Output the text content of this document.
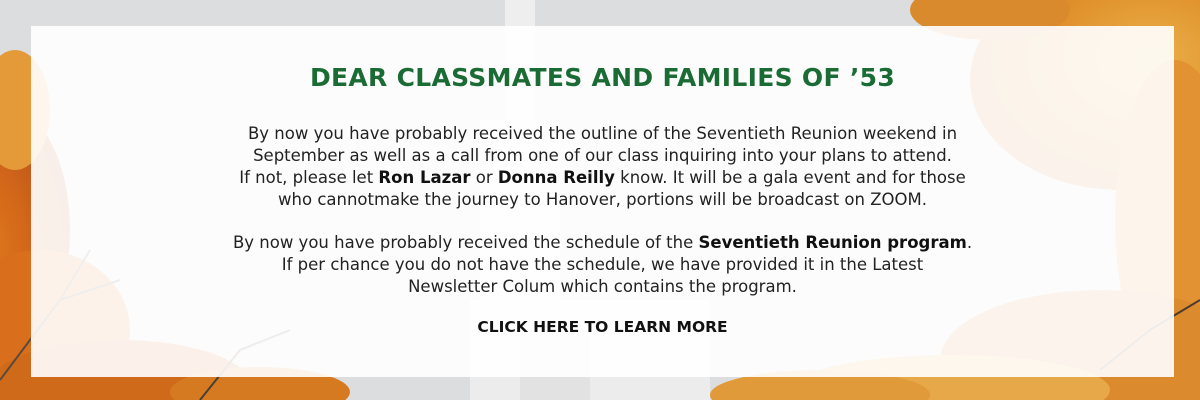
DEAR CLASSMATES AND FAMILIES OF ’53

By now you have probably received the outline of the Seventieth Reunion weekend in
September as well as a call from one of our class inquiring into your plans to attend.
If not, please let Ron Lazar or Donna Reilly know. It will be a gala event and for those
who cannotmake the journey to Hanover, portions will be broadcast on ZOOM.

By now you have probably received the schedule of the Seventieth Reunion program.
If per chance you do not have the schedule, we have provided it in the Latest
Newsletter Colum which contains the program.

CLICK HERE TO LEARN MORE
